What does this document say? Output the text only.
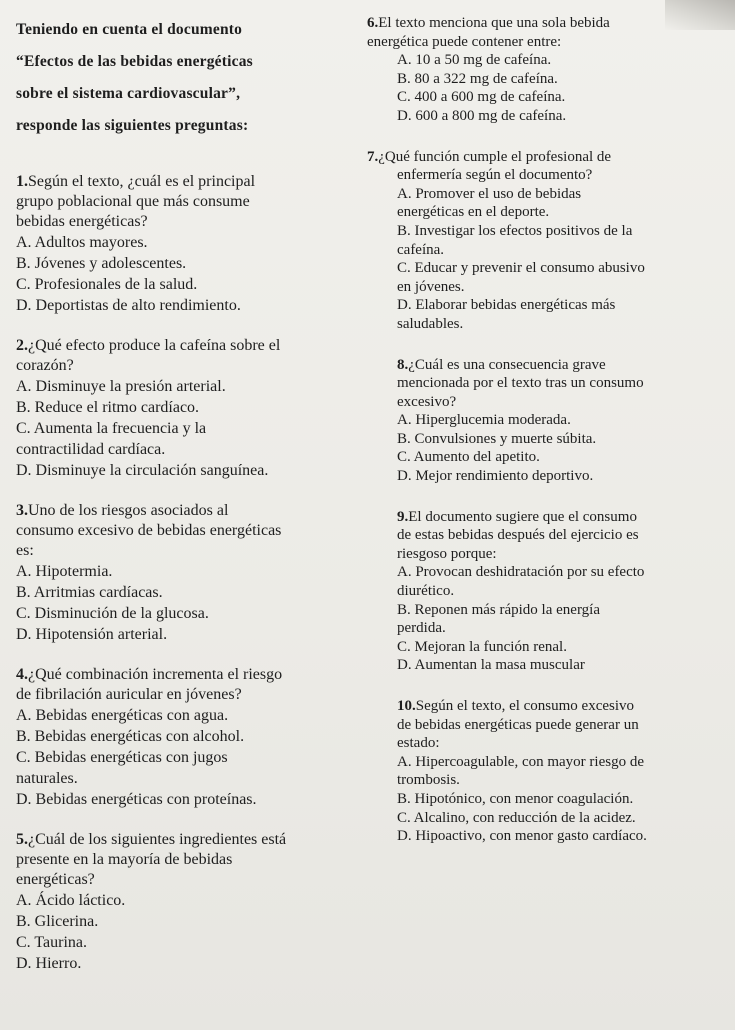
Teniendo en cuenta el documento

“Efectos de las bebidas energéticas

sobre el sistema cardiovascular”,

responde las siguientes preguntas:

1.Según el texto, ¿cuál es el principal

grupo poblacional que más consume

bebidas energéticas?

A. Adultos mayores.

B. Jóvenes y adolescentes.

C. Profesionales de la salud.

D. Deportistas de alto rendimiento.

2.¿Qué efecto produce la cafeína sobre el

corazón?

A. Disminuye la presión arterial.

B. Reduce el ritmo cardíaco.

C. Aumenta la frecuencia y la

contractilidad cardíaca.

D. Disminuye la circulación sanguínea.

3.Uno de los riesgos asociados al

consumo excesivo de bebidas energéticas

es:

A. Hipotermia.

B. Arritmias cardíacas.

C. Disminución de la glucosa.

D. Hipotensión arterial.

4.¿Qué combinación incrementa el riesgo

de fibrilación auricular en jóvenes?

A. Bebidas energéticas con agua.

B. Bebidas energéticas con alcohol.

C. Bebidas energéticas con jugos

naturales.

D. Bebidas energéticas con proteínas.

5.¿Cuál de los siguientes ingredientes está

presente en la mayoría de bebidas

energéticas?

A. Ácido láctico.

B. Glicerina.

C. Taurina.

D. Hierro.

6.El texto menciona que una sola bebida

energética puede contener entre:

A. 10 a 50 mg de cafeína.

B. 80 a 322 mg de cafeína.

C. 400 a 600 mg de cafeína.

D. 600 a 800 mg de cafeína.

7.¿Qué función cumple el profesional de

enfermería según el documento?

A. Promover el uso de bebidas

energéticas en el deporte.

B. Investigar los efectos positivos de la

cafeína.

C. Educar y prevenir el consumo abusivo

en jóvenes.

D. Elaborar bebidas energéticas más

saludables.

8.¿Cuál es una consecuencia grave

mencionada por el texto tras un consumo

excesivo?

A. Hiperglucemia moderada.

B. Convulsiones y muerte súbita.

C. Aumento del apetito.

D. Mejor rendimiento deportivo.

9.El documento sugiere que el consumo

de estas bebidas después del ejercicio es

riesgoso porque:

A. Provocan deshidratación por su efecto

diurético.

B. Reponen más rápido la energía

perdida.

C. Mejoran la función renal.

D. Aumentan la masa muscular

10.Según el texto, el consumo excesivo

de bebidas energéticas puede generar un

estado:

A. Hipercoagulable, con mayor riesgo de

trombosis.

B. Hipotónico, con menor coagulación.

C. Alcalino, con reducción de la acidez.

D. Hipoactivo, con menor gasto cardíaco.
